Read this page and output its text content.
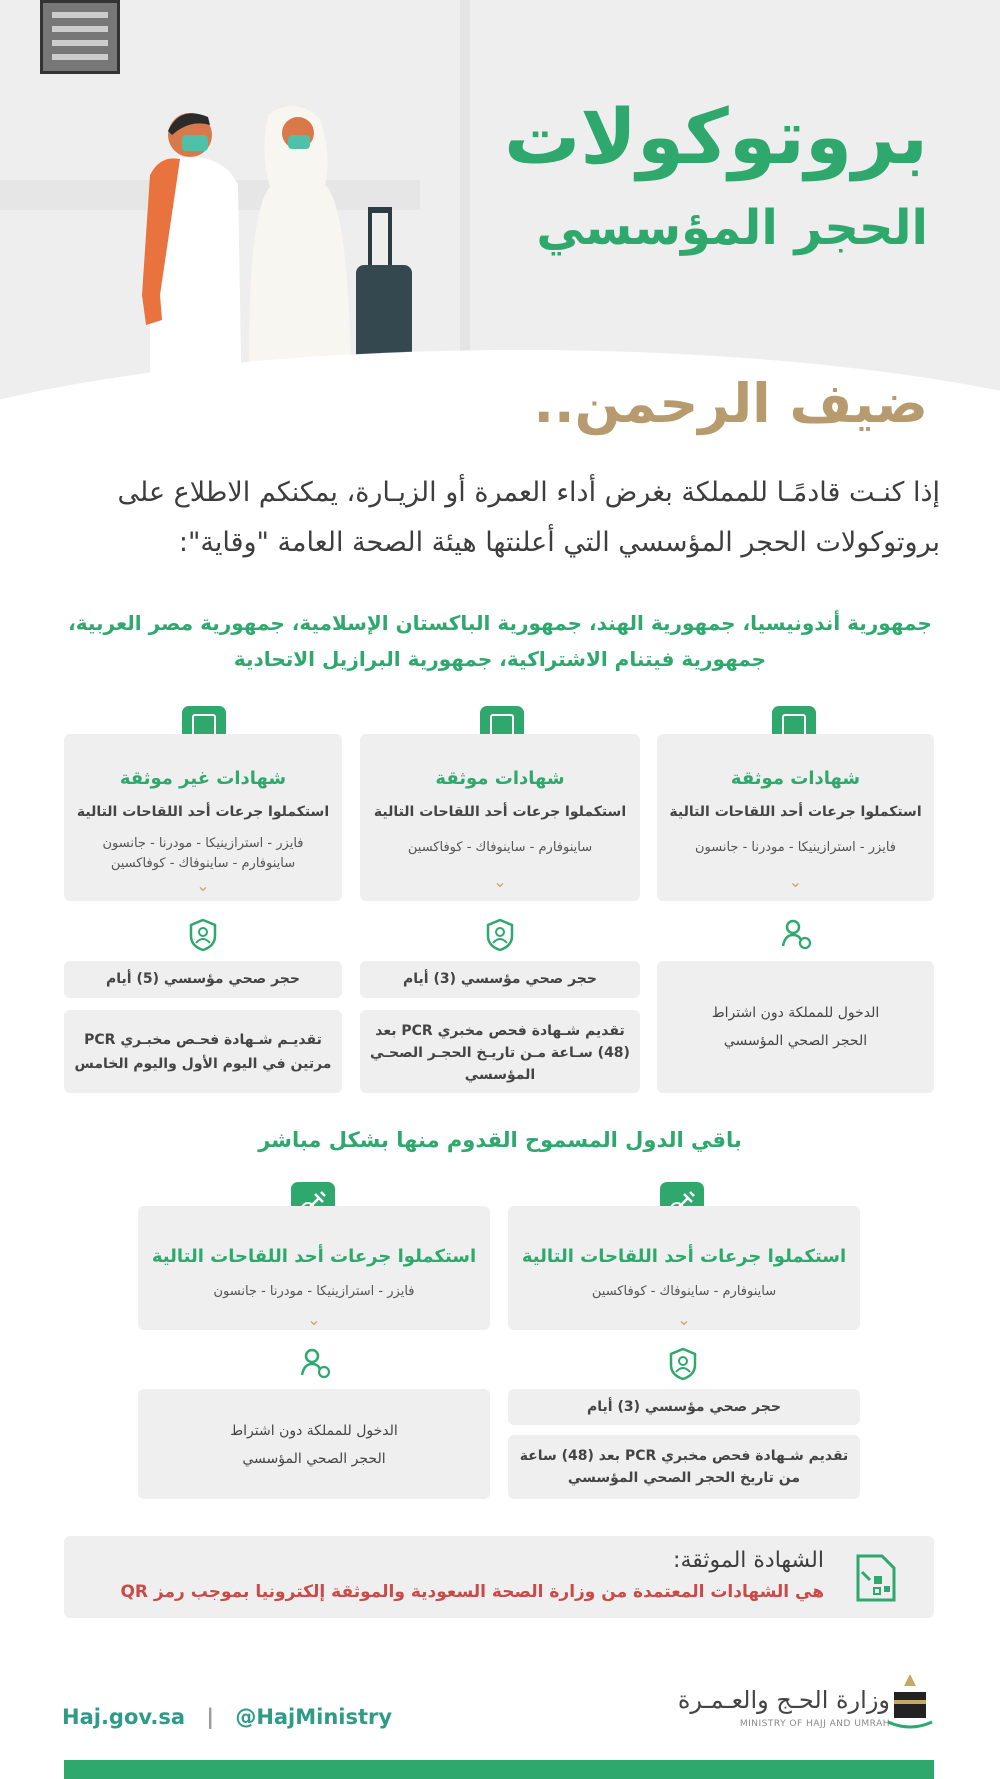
بروتوكولات
الحجر المؤسسي
ضيف الرحمن..
إذا كنـت قادمًـا للمملكة بغرض أداء العمرة أو الزيـارة، يمكنكم الاطلاع على
بروتوكولات الحجر المؤسسي التي أعلنتها هيئة الصحة العامة "وقاية":
جمهورية أندونيسيا، جمهورية الهند، جمهورية الباكستان الإسلامية، جمهورية مصر العربية،
جمهورية فيتنام الاشتراكية، جمهورية البرازيل الاتحادية
شهادات موثقة
استكملوا جرعات أحد اللقاحات التالية
فايزر - استرازينيكا - مودرنا - جانسون
⌄
الدخول للمملكة دون اشتراط
الحجر الصحي المؤسسي
شهادات موثقة
استكملوا جرعات أحد اللقاحات التالية
ساينوفارم - ساينوفاك - كوفاكسين
⌄
حجر صحي مؤسسي (3) أيام
تقديم شـهادة فحص مخبري PCR بعد
(48) سـاعة مـن تاريـخ الحجـر الصحـي
المؤسسي
شهادات غير موثقة
استكملوا جرعات أحد اللقاحات التالية
فايزر - استرازينيكا - مودرنا - جانسون
ساينوفارم - ساينوفاك - كوفاكسين
⌄
حجر صحي مؤسسي (5) أيام
تقديـم شـهادة فحـص مخبـري PCR
مرتين في اليوم الأول واليوم الخامس
باقي الدول المسموح القدوم منها بشكل مباشر
استكملوا جرعات أحد اللقاحات التالية
ساينوفارم - ساينوفاك - كوفاكسين
⌄
حجر صحي مؤسسي (3) أيام
تقديم شـهادة فحص مخبري PCR بعد (48) ساعة
من تاريخ الحجر الصحي المؤسسي
استكملوا جرعات أحد اللقاحات التالية
فايزر - استرازينيكا - مودرنا - جانسون
⌄
الدخول للمملكة دون اشتراط
الحجر الصحي المؤسسي
الشهادة الموثقة:
هي الشهادات المعتمدة من وزارة الصحة السعودية والموثقة إلكترونيا بموجب رمز QR
Haj.gov.sa | @HajMinistry
وزارة الحـج والعـمـرة
MINISTRY OF HAJJ AND UMRAH
